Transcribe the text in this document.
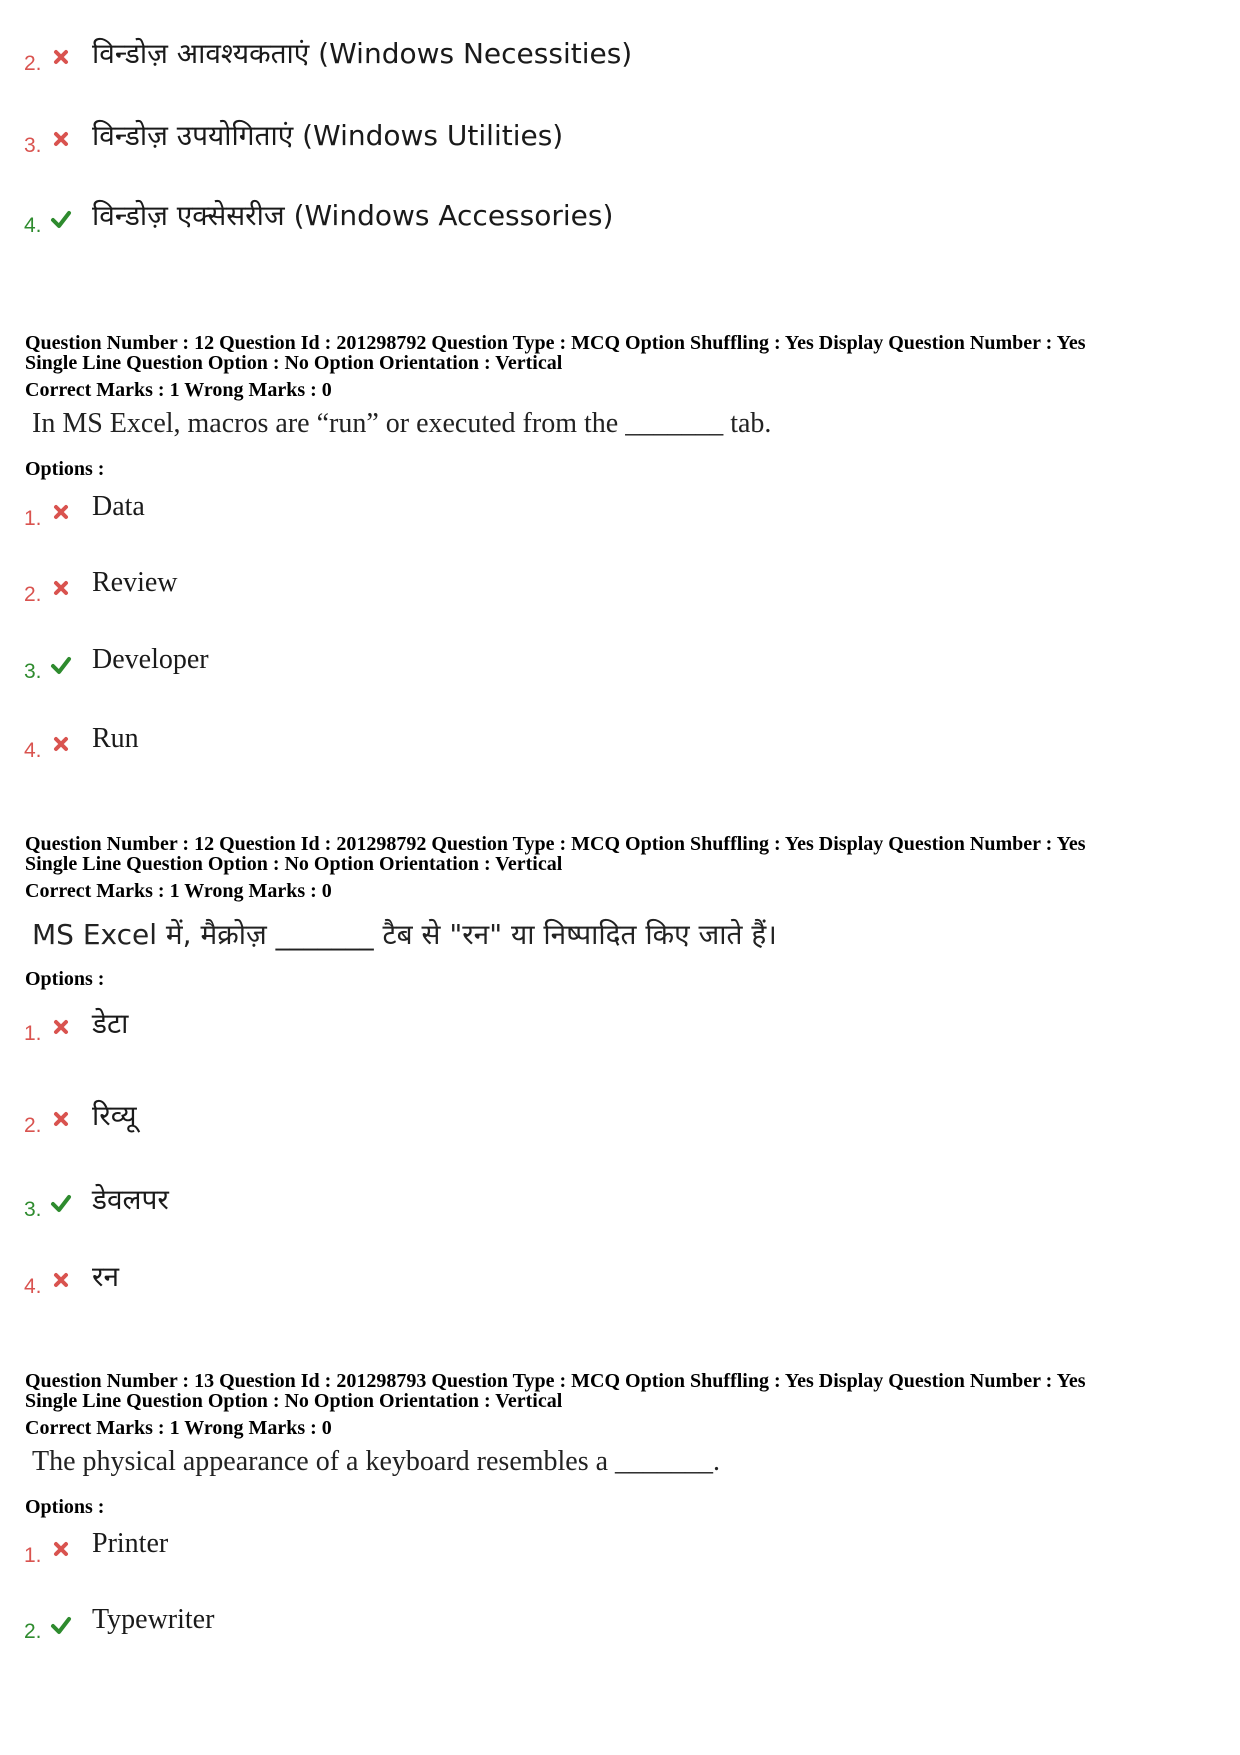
2. विन्डोज़ आवश्यकताएं (Windows Necessities)
3. विन्डोज़ उपयोगिताएं (Windows Utilities)
4. विन्डोज़ एक्सेसरीज (Windows Accessories)
Question Number : 12 Question Id : 201298792 Question Type : MCQ Option Shuffling : Yes Display Question Number : Yes
Single Line Question Option : No Option Orientation : Vertical
Correct Marks : 1 Wrong Marks : 0
In MS Excel, macros are “run” or executed from the _______ tab.
Options :
1. Data
2. Review
3. Developer
4. Run
Question Number : 12 Question Id : 201298792 Question Type : MCQ Option Shuffling : Yes Display Question Number : Yes
Single Line Question Option : No Option Orientation : Vertical
Correct Marks : 1 Wrong Marks : 0
MS Excel में, मैक्रोज़ _______ टैब से "रन" या निष्पादित किए जाते हैं।
Options :
1. डेटा
2. रिव्यू
3. डेवलपर
4. रन
Question Number : 13 Question Id : 201298793 Question Type : MCQ Option Shuffling : Yes Display Question Number : Yes
Single Line Question Option : No Option Orientation : Vertical
Correct Marks : 1 Wrong Marks : 0
The physical appearance of a keyboard resembles a _______.
Options :
1. Printer
2. Typewriter
